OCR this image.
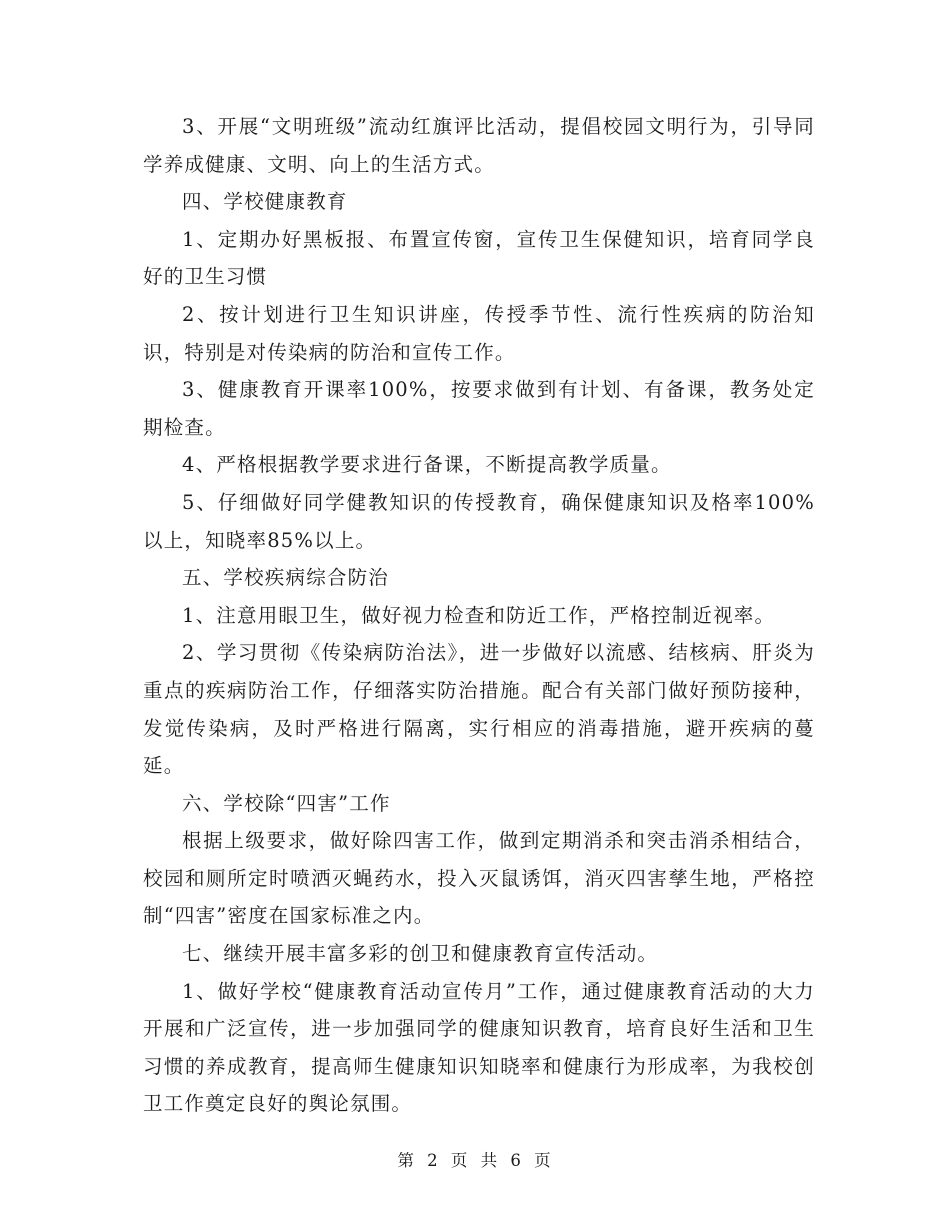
3、开展“文明班级”流动红旗评比活动，提倡校园文明行为，引导同学养成健康、文明、向上的生活方式。

四、学校健康教育

1、定期办好黑板报、布置宣传窗，宣传卫生保健知识，培育同学良好的卫生习惯

2、按计划进行卫生知识讲座，传授季节性、流行性疾病的防治知识，特别是对传染病的防治和宣传工作。

3、健康教育开课率100%，按要求做到有计划、有备课，教务处定期检查。

4、严格根据教学要求进行备课，不断提高教学质量。

5、仔细做好同学健教知识的传授教育，确保健康知识及格率100%以上，知晓率85%以上。

五、学校疾病综合防治

1、注意用眼卫生，做好视力检查和防近工作，严格控制近视率。

2、学习贯彻《传染病防治法》，进一步做好以流感、结核病、肝炎为重点的疾病防治工作，仔细落实防治措施。配合有关部门做好预防接种，发觉传染病，及时严格进行隔离，实行相应的消毒措施，避开疾病的蔓延。

六、学校除“四害”工作

根据上级要求，做好除四害工作，做到定期消杀和突击消杀相结合，校园和厕所定时喷洒灭蝇药水，投入灭鼠诱饵，消灭四害孳生地，严格控制“四害”密度在国家标准之内。

七、继续开展丰富多彩的创卫和健康教育宣传活动。

1、做好学校“健康教育活动宣传月”工作，通过健康教育活动的大力开展和广泛宣传，进一步加强同学的健康知识教育，培育良好生活和卫生习惯的养成教育，提高师生健康知识知晓率和健康行为形成率，为我校创卫工作奠定良好的舆论氛围。

第 2 页 共 6 页
